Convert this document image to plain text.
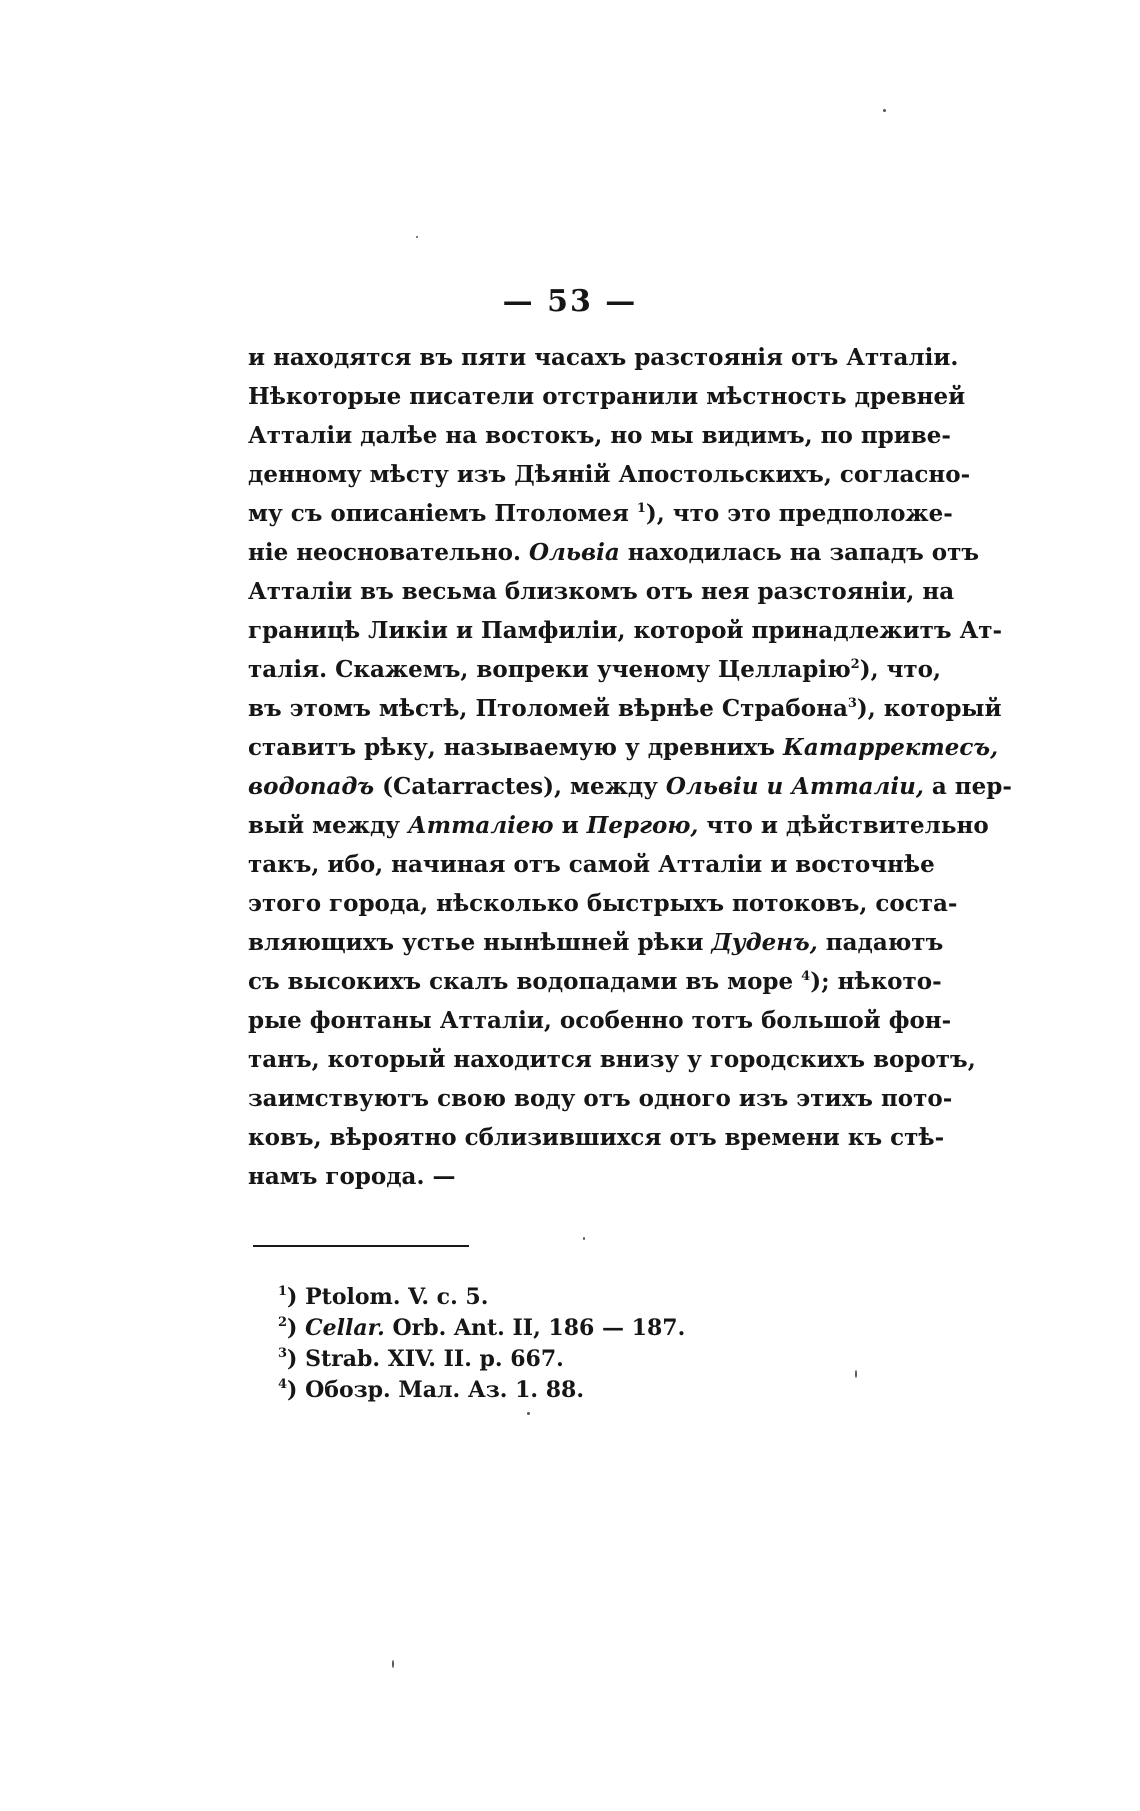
— 53 —
и находятся въ пяти часахъ разстоянія отъ Атталіи.
Нѣкоторые писатели отстранили мѣстность древней
Атталіи далѣе на востокъ, но мы видимъ, по приве-
денному мѣсту изъ Дѣяній Апостольскихъ, согласно-
му съ описаніемъ Птоломея $^1$), что это предположе-
ніе неосновательно. Ольвіа находилась на западъ отъ
Атталіи въ весьма близкомъ отъ нея разстояніи, на
границѣ Ликіи и Памфиліи, которой принадлежитъ Ат-
талія. Скажемъ, вопреки ученому Целларію$^2$), что,
въ этомъ мѣстѣ, Птоломей вѣрнѣе Страбона$^3$), который
ставитъ рѣку, называемую у древнихъ Катарректесъ,
водопадъ (Catarractes), между Ольвіи и Атталіи, а пер-
вый между Атталіею и Пергою, что и дѣйствительно
такъ, ибо, начиная отъ самой Атталіи и восточнѣе
этого города, нѣсколько быстрыхъ потоковъ, соста-
вляющихъ устье нынѣшней рѣки Дуденъ, падаютъ
съ высокихъ скалъ водопадами въ море $^4$); нѣкото-
рые фонтаны Атталіи, особенно тотъ большой фон-
танъ, который находится внизу у городскихъ воротъ,
заимствуютъ свою воду отъ одного изъ этихъ пото-
ковъ, вѣроятно сблизившихся отъ времени къ стѣ-
намъ города. —
$^1$) Ptolom. V. c. 5.
$^2$) Cellar. Orb. Ant. II, 186 — 187.
$^3$) Strab. XIV. II. p. 667.
$^4$) Обозр. Мал. Аз. 1. 88.
